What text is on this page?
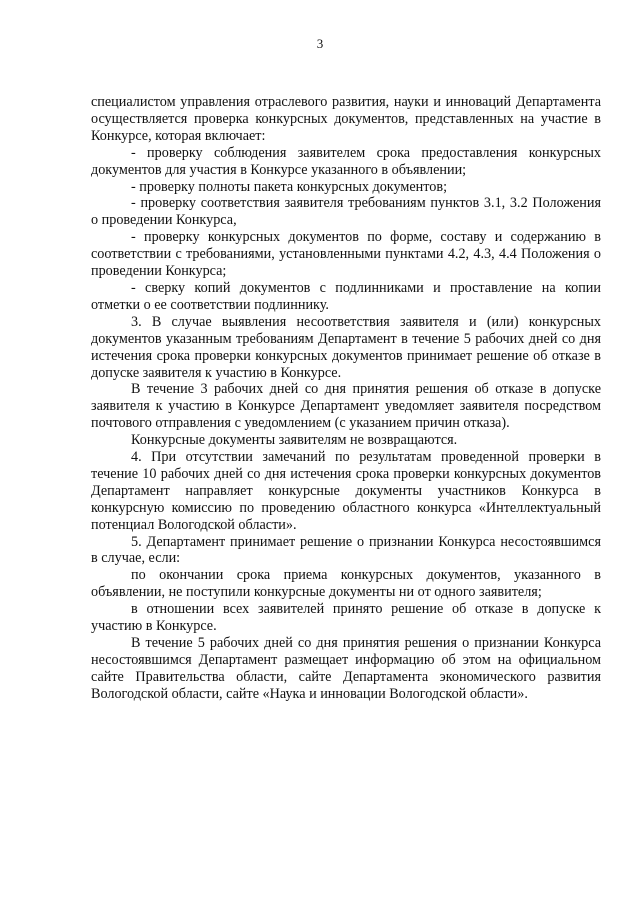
3

специалистом управления отраслевого развития, науки и инноваций Департамента осуществляется проверка конкурсных документов, представленных на участие в Конкурсе, которая включает:

- проверку соблюдения заявителем срока предоставления конкурсных документов для участия в Конкурсе указанного в объявлении;

- проверку полноты пакета конкурсных документов;

- проверку соответствия заявителя требованиям пунктов 3.1, 3.2 Положения о проведении Конкурса,

- проверку конкурсных документов по форме, составу и содержанию в соответствии с требованиями, установленными пунктами 4.2, 4.3, 4.4 Положения о проведении Конкурса;

- сверку копий документов с подлинниками и проставление на копии отметки о ее соответствии подлиннику.

3. В случае выявления несоответствия заявителя и (или) конкурсных документов указанным требованиям Департамент в течение 5 рабочих дней со дня истечения срока проверки конкурсных документов принимает решение об отказе в допуске заявителя к участию в Конкурсе.

В течение 3 рабочих дней со дня принятия решения об отказе в допуске заявителя к участию в Конкурсе Департамент уведомляет заявителя посредством почтового отправления с уведомлением (с указанием причин отказа).

Конкурсные документы заявителям не возвращаются.

4. При отсутствии замечаний по результатам проведенной проверки в течение 10 рабочих дней со дня истечения срока проверки конкурсных документов Департамент направляет конкурсные документы участников Конкурса в конкурсную комиссию по проведению областного конкурса «Интеллектуальный потенциал Вологодской области».

5. Департамент принимает решение о признании Конкурса несостоявшимся в случае, если:

по окончании срока приема конкурсных документов, указанного в объявлении, не поступили конкурсные документы ни от одного заявителя;

в отношении всех заявителей принято решение об отказе в допуске к участию в Конкурсе.

В течение 5 рабочих дней со дня принятия решения о признании Конкурса несостоявшимся Департамент размещает информацию об этом на официальном сайте Правительства области, сайте Департамента экономического развития Вологодской области, сайте «Наука и инновации Вологодской области».
